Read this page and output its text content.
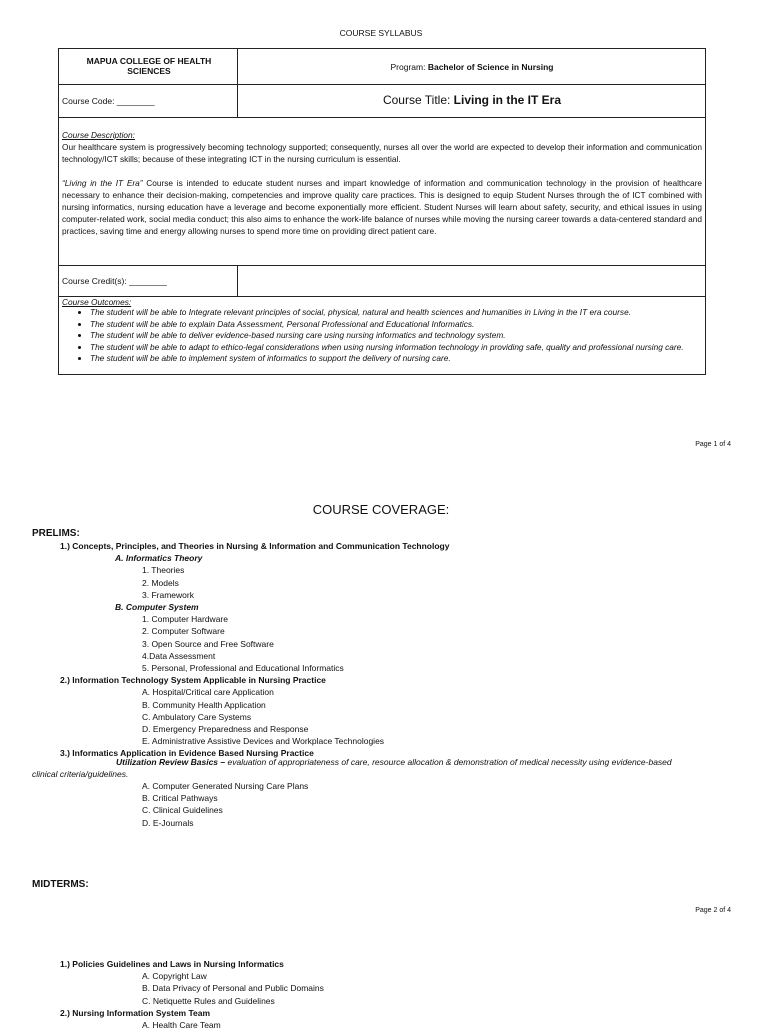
COURSE SYLLABUS
MAPUA COLLEGE OF HEALTH SCIENCES	Program: Bachelor of Science in Nursing
Course Code: ________	Course Title: Living in the IT Era

Course Description:

Our healthcare system is progressively becoming technology supported; consequently, nurses all over the world are expected to develop their information and communication technology/ICT skills; because of these integrating ICT in the nursing curriculum is essential.

“Living in the IT Era” Course is intended to educate student nurses and impart knowledge of information and communication technology in the provision of healthcare necessary to enhance their decision-making, competencies and improve quality care practices. This is designed to equip Student Nurses through the of ICT combined with nursing informatics, nursing education have a leverage and become exponentially more efficient. Student Nurses will learn about safety, security, and ethical issues in using computer-related work, social media conduct; this also aims to enhance the work-life balance of nurses while moving the nursing career towards a data-centered standard and practices, saving time and energy allowing nurses to spend more time on providing direct patient care.

Course Credit(s): ________
Course Outcomes:
• The student will be able to Integrate relevant principles of social, physical, natural and health sciences and humanities in Living in the IT era course.
• The student will be able to explain Data Assessment, Personal Professional and Educational Informatics.
• The student will be able to deliver evidence-based nursing care using nursing informatics and technology system.
• The student will be able to adapt to ethico-legal considerations when using nursing information technology in providing safe, quality and professional nursing care.
• The student will be able to implement system of informatics to support the delivery of nursing care.
Page 1 of 4
Page 2 of 4
COURSE COVERAGE:
PRELIMS:
1.) Concepts, Principles, and Theories in Nursing & Information and Communication Technology
A. Informatics Theory
1. Theories
2. Models
3. Framework
B. Computer System
1. Computer Hardware
2. Computer Software
3. Open Source and Free Software
4.Data Assessment
5. Personal, Professional and Educational Informatics
2.) Information Technology System Applicable in Nursing Practice
A. Hospital/Critical care Application
B. Community Health Application
C. Ambulatory Care Systems
D. Emergency Preparedness and Response
E. Administrative Assistive Devices and Workplace Technologies
3.) Informatics Application in Evidence Based Nursing Practice
Utilization Review Basics – evaluation of appropriateness of care, resource allocation & demonstration of medical necessity using evidence-based
clinical criteria/guidelines.
A. Computer Generated Nursing Care Plans
B. Critical Pathways
C. Clinical Guidelines
D. E-Journals
MIDTERMS:
1.) Policies Guidelines and Laws in Nursing Informatics
A. Copyright Law
B. Data Privacy of Personal and Public Domains
C. Netiquette Rules and Guidelines
2.) Nursing Information System Team
A. Health Care Team
